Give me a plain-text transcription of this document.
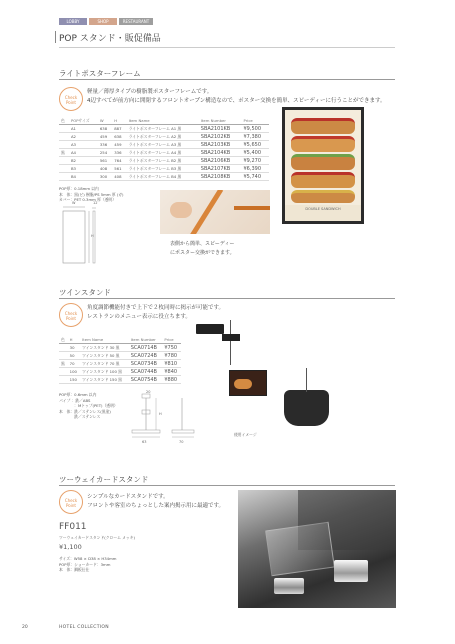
LOBBY	SHOP	RESTAURANT
POP スタンド・販促備品
ライトポスターフレーム
Check Point
軽量／薄厚タイプの樹脂製ポスターフレームです。
4辺すべてが前方向に開閉するフロントオープン構造なので、ポスター交換を簡単、スピーディーに行うことができます。
色	POPサイズ	W	H	Item Name	Item Number	Price
	A1	638	887	ライトポスターフレーム A1 黒	SBA2101KB	¥9,500
	A2	459	638	ライトポスターフレーム A2 黒	SBA2102KB	¥7,380
	A3	336	459	ライトポスターフレーム A3 黒	SBA2103KB	¥5,650
黒	A4	254	336	ライトポスターフレーム A4 黒	SBA2104KB	¥5,400
	B2	561	764	ライトポスターフレーム B2 黒	SBA2106KB	¥9,270
	B3	408	561	ライトポスターフレーム B3 黒	SBA2107KB	¥6,390
	B4	300	408	ライトポスターフレーム B4 黒	SBA2108KB	¥5,740
POP厚：0.18mm 以内
本　体：黒(ビ) 樹脂/PS 5mm 厚 (ガ)
カバー：PET 0.3mm 厚（透明）
W
H
12
表側から簡単、スピーディー
にポスター交換ができます。
DOUBLE SANDWICH
ツインスタンド
Check Point
角度調節機能付きで上下で２枚同時に掲示が可能です。
レストランのメニュー表示に役立ちます。
色	H	Item Name	Item Number	Price
	30	ツインスタンド 30 黒	SCA0714B	¥750
	50	ツインスタンド 50 黒	SCA0724B	¥780
黒	70	ツインスタンド 70 黒	SCA0734B	¥810
	100	ツインスタンド 100 黒	SCA0744B	¥840
	150	ツインスタンド 150 黒	SCA0754B	¥880
POP厚：0.6mm 以内
パイプ ：鉄／ABS
　　　　：Mトップ(PET)（透明）
本　体：鉄／ステンレス(黒塗)
　　　　鉄／ステンレス	H
63	70
20
使用イメージ
ツーウェイカードスタンド
Check Point
シンプルなカードスタンドです。
フロントや客室のちょっとした案内掲示用に最適です。
FF011
ツーウェイカードスタンド(クローム メッキ)
¥1,100
サイズ：W58 × D38 × H34mm
POP厚：ショーカード：3mm
本　体：鋼板仕仕
20	HOTEL COLLECTION
